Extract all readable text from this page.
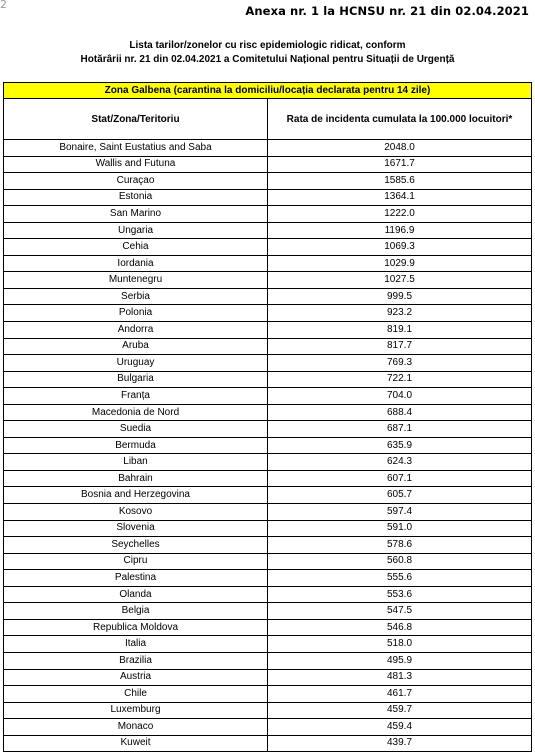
2	Anexa nr. 1 la HCNSU nr. 21 din 02.04.2021
Lista tarilor/zonelor cu risc epidemiologic ridicat, conform
Hotărârii nr. 21 din 02.04.2021 a Comitetului Național pentru Situații de Urgență
Zona Galbena (carantina la domiciliu/locația declarata pentru 14 zile)	
Stat/Zona/Teritoriu	Rata de incidenta cumulata la 100.000 locuitori*
Bonaire, Saint Eustatius and Saba	2048.0
Wallis and Futuna	1671.7
Curaçao	1585.6
Estonia	1364.1
San Marino	1222.0
Ungaria	1196.9
Cehia	1069.3
Iordania	1029.9
Muntenegru	1027.5
Serbia	999.5
Polonia	923.2
Andorra	819.1
Aruba	817.7
Uruguay	769.3
Bulgaria	722.1
Franța	704.0
Macedonia de Nord	688.4
Suedia	687.1
Bermuda	635.9
Liban	624.3
Bahrain	607.1
Bosnia and Herzegovina	605.7
Kosovo	597.4
Slovenia	591.0
Seychelles	578.6
Cipru	560.8
Palestina	555.6
Olanda	553.6
Belgia	547.5
Republica Moldova	546.8
Italia	518.0
Brazilia	495.9
Austria	481.3
Chile	461.7
Luxemburg	459.7
Monaco	459.4
Kuweit	439.7
